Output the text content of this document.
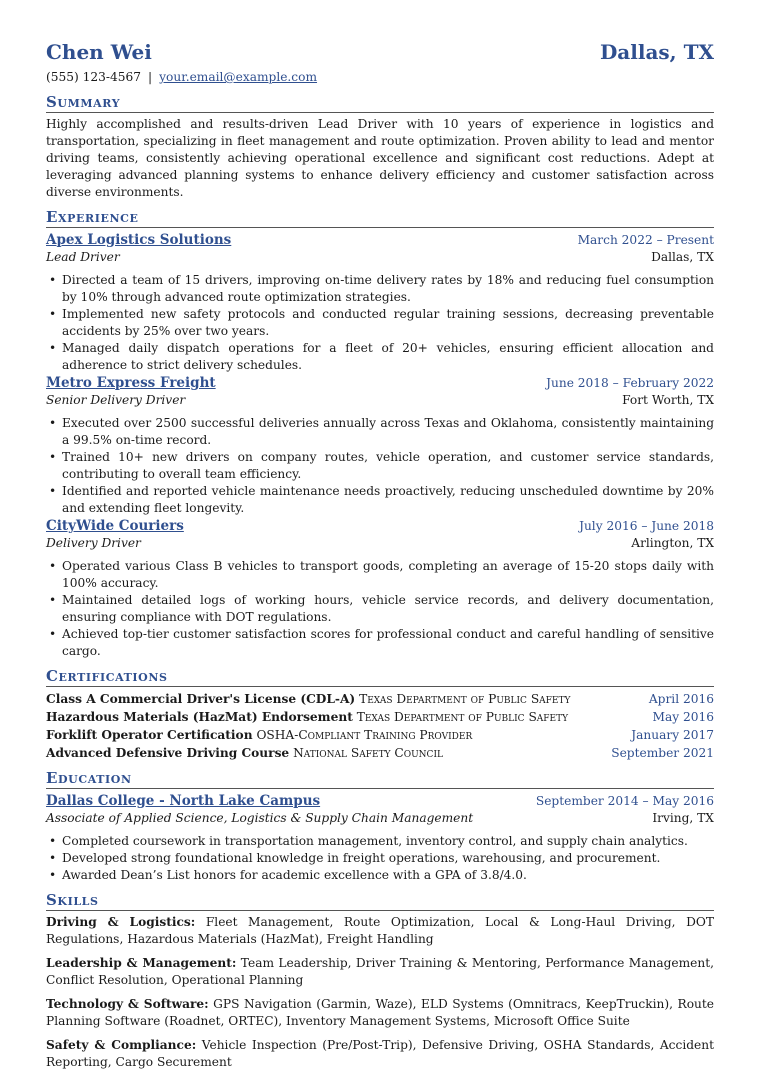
Chen Wei	Dallas, TX
(555) 123-4567 | your.email@example.com
Summary

Highly accomplished and results-driven Lead Driver with 10 years of experience in logistics and transportation, specializing in fleet management and route optimization. Proven ability to lead and mentor driving teams, consistently achieving operational excellence and significant cost reductions. Adept at leveraging advanced planning systems to enhance delivery efficiency and customer satisfaction across diverse environments.

Experience
Apex Logistics Solutions	March 2022 – Present
Lead Driver	Dallas, TX
• Directed a team of 15 drivers, improving on-time delivery rates by 18% and reducing fuel consumption by 10% through advanced route optimization strategies.
• Implemented new safety protocols and conducted regular training sessions, decreasing preventable accidents by 25% over two years.
• Managed daily dispatch operations for a fleet of 20+ vehicles, ensuring efficient allocation and adherence to strict delivery schedules.
Metro Express Freight	June 2018 – February 2022
Senior Delivery Driver	Fort Worth, TX
• Executed over 2500 successful deliveries annually across Texas and Oklahoma, consistently maintaining a 99.5% on-time record.
• Trained 10+ new drivers on company routes, vehicle operation, and customer service standards, contributing to overall team efficiency.
• Identified and reported vehicle maintenance needs proactively, reducing unscheduled downtime by 20% and extending fleet longevity.
CityWide Couriers	July 2016 – June 2018
Delivery Driver	Arlington, TX
• Operated various Class B vehicles to transport goods, completing an average of 15-20 stops daily with 100% accuracy.
• Maintained detailed logs of working hours, vehicle service records, and delivery documentation, ensuring compliance with DOT regulations.
• Achieved top-tier customer satisfaction scores for professional conduct and careful handling of sensitive cargo.
Certifications
Class A Commercial Driver's License (CDL-A) Texas Department of Public Safety	April 2016
Hazardous Materials (HazMat) Endorsement Texas Department of Public Safety	May 2016
Forklift Operator Certification OSHA-Compliant Training Provider	January 2017
Advanced Defensive Driving Course National Safety Council	September 2021
Education
Dallas College - North Lake Campus	September 2014 – May 2016
Associate of Applied Science, Logistics & Supply Chain Management	Irving, TX
• Completed coursework in transportation management, inventory control, and supply chain analytics.
• Developed strong foundational knowledge in freight operations, warehousing, and procurement.
• Awarded Dean’s List honors for academic excellence with a GPA of 3.8/4.0.
Skills

Driving & Logistics: Fleet Management, Route Optimization, Local & Long-Haul Driving, DOT Regulations, Hazardous Materials (HazMat), Freight Handling

Leadership & Management: Team Leadership, Driver Training & Mentoring, Performance Management, Conflict Resolution, Operational Planning

Technology & Software: GPS Navigation (Garmin, Waze), ELD Systems (Omnitracs, KeepTruckin), Route Planning Software (Roadnet, ORTEC), Inventory Management Systems, Microsoft Office Suite

Safety & Compliance: Vehicle Inspection (Pre/Post-Trip), Defensive Driving, OSHA Standards, Accident Reporting, Cargo Securement
